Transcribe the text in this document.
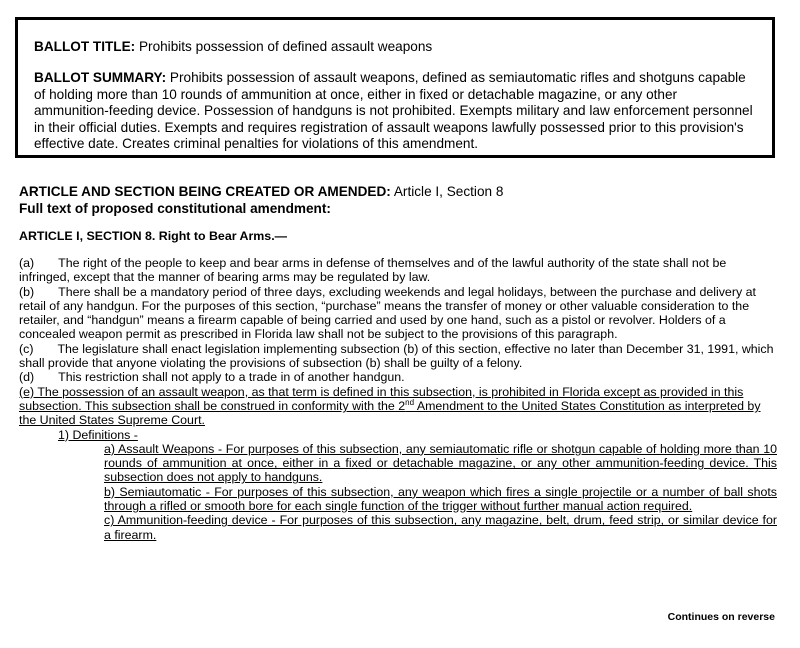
BALLOT TITLE: Prohibits possession of defined assault weapons

BALLOT SUMMARY: Prohibits possession of assault weapons, defined as semiautomatic rifles and shotguns capable of holding more than 10 rounds of ammunition at once, either in fixed or detachable magazine, or any other ammunition-feeding device. Possession of handguns is not prohibited. Exempts military and law enforcement personnel in their official duties. Exempts and requires registration of assault weapons lawfully possessed prior to this provision's effective date. Creates criminal penalties for violations of this amendment.

ARTICLE AND SECTION BEING CREATED OR AMENDED: Article I, Section 8
Full text of proposed constitutional amendment:
ARTICLE I, SECTION 8. Right to Bear Arms.—

(a) The right of the people to keep and bear arms in defense of themselves and of the lawful authority of the state shall not be infringed, except that the manner of bearing arms may be regulated by law.

(b) There shall be a mandatory period of three days, excluding weekends and legal holidays, between the purchase and delivery at retail of any handgun. For the purposes of this section, “purchase” means the transfer of money or other valuable consideration to the retailer, and “handgun” means a firearm capable of being carried and used by one hand, such as a pistol or revolver. Holders of a concealed weapon permit as prescribed in Florida law shall not be subject to the provisions of this paragraph.

(c) The legislature shall enact legislation implementing subsection (b) of this section, effective no later than December 31, 1991, which shall provide that anyone violating the provisions of subsection (b) shall be guilty of a felony.

(d) This restriction shall not apply to a trade in of another handgun.

(e) The possession of an assault weapon, as that term is defined in this subsection, is prohibited in Florida except as provided in this subsection. This subsection shall be construed in conformity with the 2nd Amendment to the United States Constitution as interpreted by the United States Supreme Court.

1) Definitions -

a) Assault Weapons - For purposes of this subsection, any semiautomatic rifle or shotgun capable of holding more than 10 rounds of ammunition at once, either in a fixed or detachable magazine, or any other ammunition-feeding device. This subsection does not apply to handguns.

b) Semiautomatic - For purposes of this subsection, any weapon which fires a single projectile or a number of ball shots through a rifled or smooth bore for each single function of the trigger without further manual action required.

c) Ammunition-feeding device - For purposes of this subsection, any magazine, belt, drum, feed strip, or similar device for a firearm.

Continues on reverse
